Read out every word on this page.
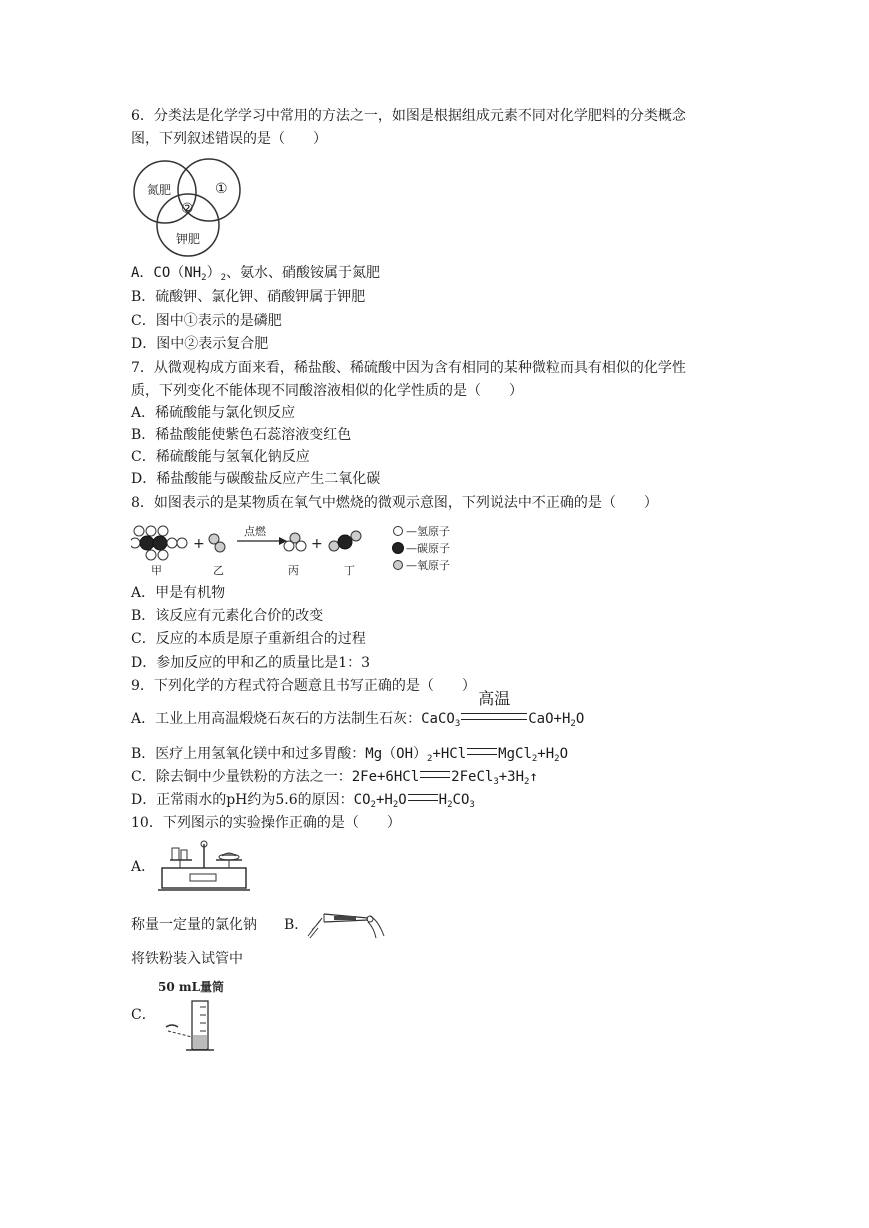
6．分类法是化学学习中常用的方法之一，如图是根据组成元素不同对化学肥料的分类概念
图，下列叙述错误的是（　　）
氮肥	①
②
钾肥
A．$CO(NH_2)_2$、氨水、硝酸铵属于氮肥
B．硫酸钾、氯化钾、硝酸钾属于钾肥
C．图中①表示的是磷肥
D．图中②表示复合肥
7．从微观构成方面来看，稀盐酸、稀硫酸中因为含有相同的某种微粒而具有相似的化学性
质，下列变化不能体现不同酸溶液相似的化学性质的是（　　）
A．稀硫酸能与氯化钡反应
B．稀盐酸能使紫色石蕊溶液变红色
C．稀硫酸能与氢氧化钠反应
D．稀盐酸能与碳酸盐反应产生二氧化碳
8．如图表示的是某物质在氧气中燃烧的微观示意图，下列说法中不正确的是（　　）
+
点燃
+
甲	乙	丙	丁
—氢原子
—碳原子
—氧原子
A．甲是有机物
B．该反应有元素化合价的改变
C．反应的本质是原子重新组合的过程
D．参加反应的甲和乙的质量比是1：3
9．下列化学的方程式符合题意且书写正确的是（　　）
A．工业上用高温煅烧石灰石的方法制生石灰：CaCO$_3$
高温
$CaO+H_2O$
B．医疗上用氢氧化镁中和过多胃酸：$Mg(OH)_2+HCl$ $MgCl_2+H_2O$
C．除去铜中少量铁粉的方法之一：2Fe+6HCl $2FeCl_3+3H_2↑$
D．正常雨水的pH约为5.6的原因：$CO_2+H_2O$ $H_2CO_3$
10．下列图示的实验操作正确的是（　　）
A．
称量一定量的氯化钠 B．
将铁粉装入试管中
50 mL量筒
C．
